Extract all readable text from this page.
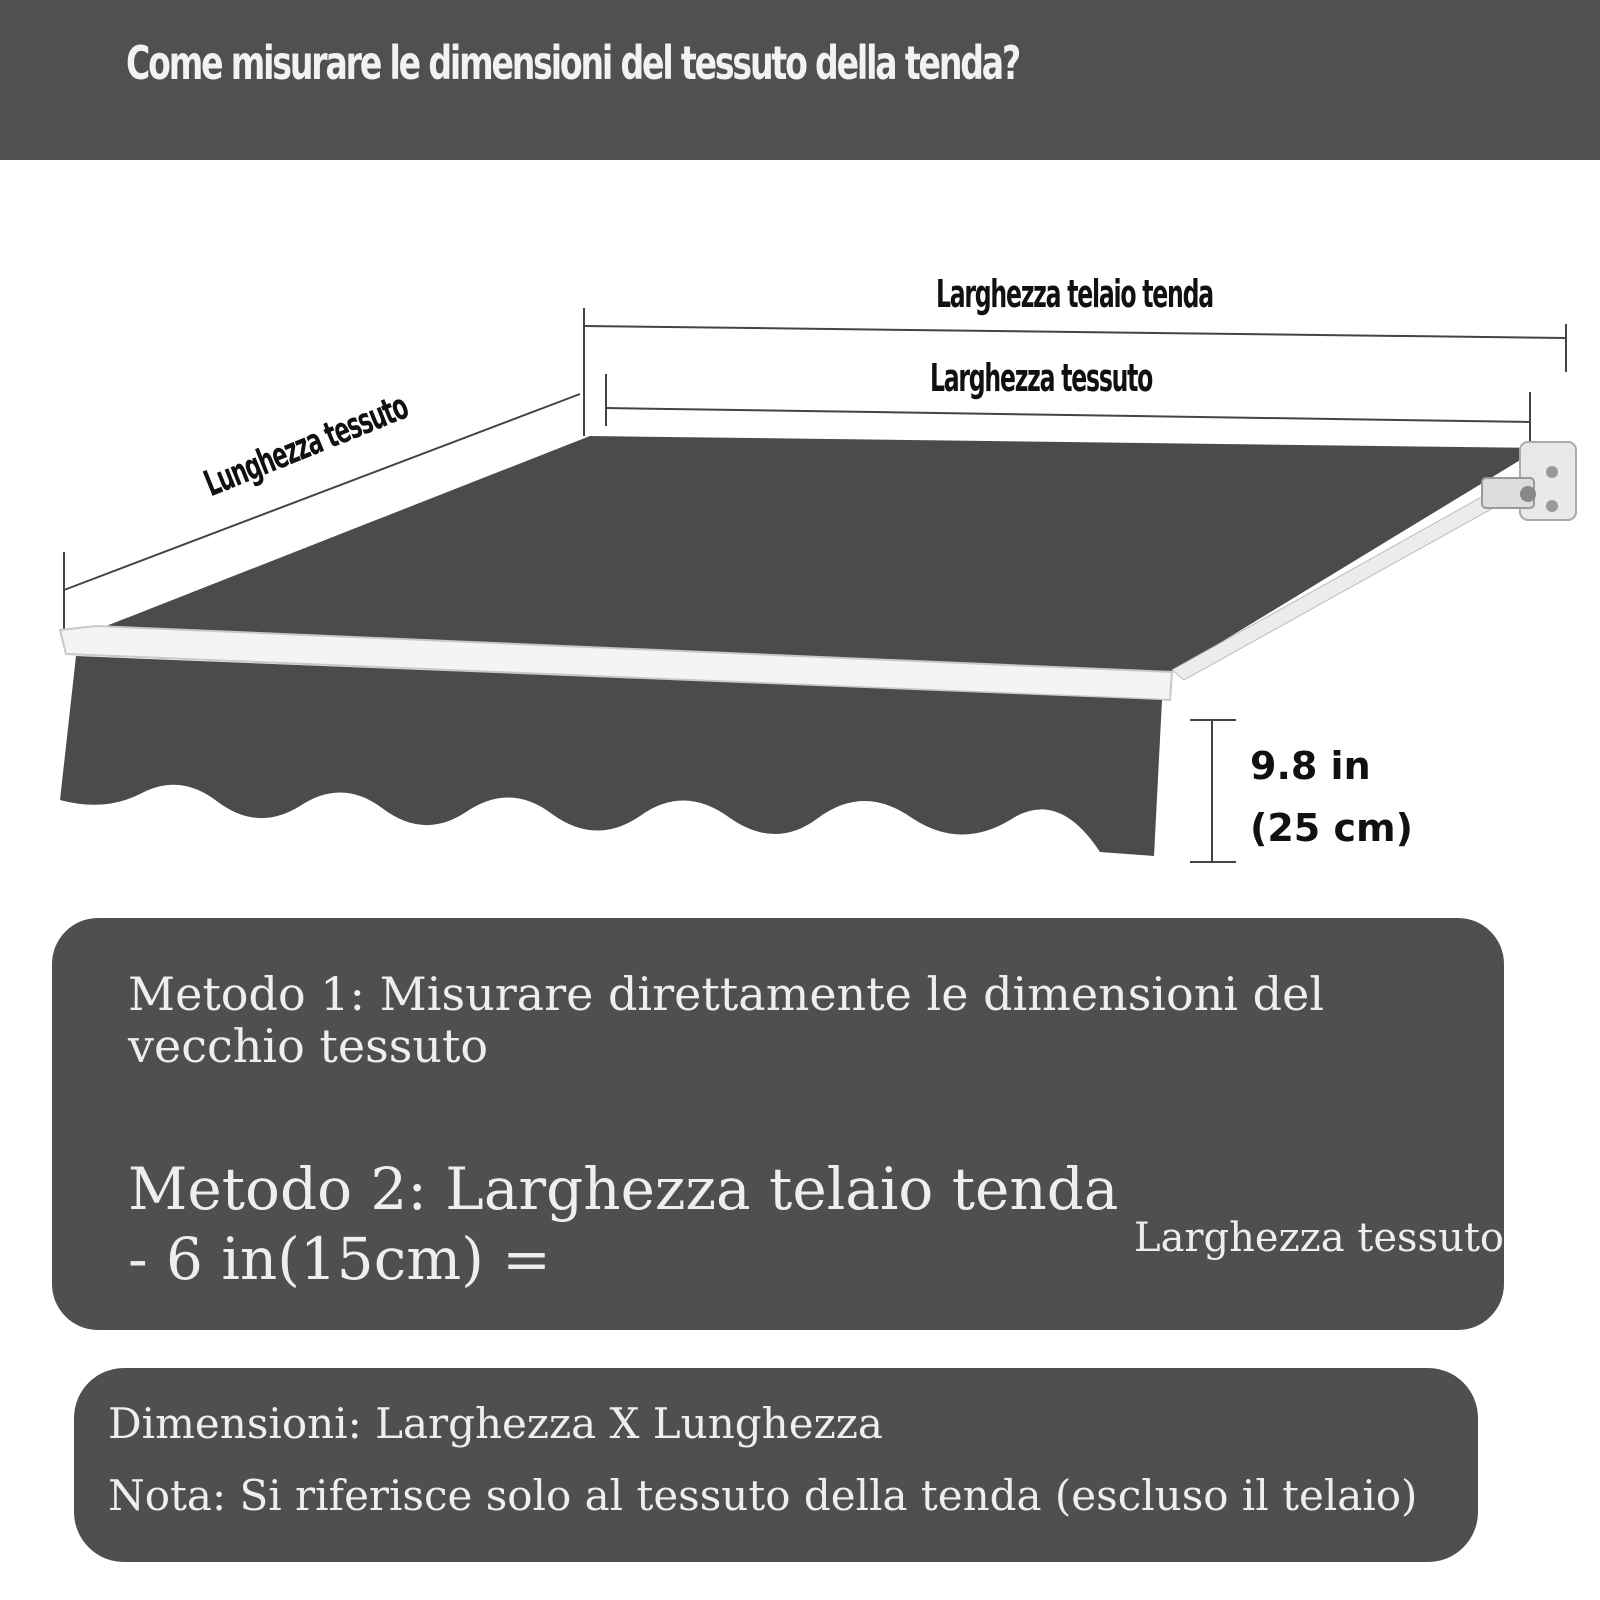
Come misurare le dimensioni del tessuto della tenda?
Larghezza telaio tenda
Larghezza tessuto
Lunghezza tessuto
9.8 in
(25 cm)
Metodo 1: Misurare direttamente le dimensioni del vecchio tessuto
Metodo 2: Larghezza telaio tenda - 6 in(15cm) =	Larghezza tessuto
Dimensioni: Larghezza X Lunghezza
Nota: Si riferisce solo al tessuto della tenda (escluso il telaio)
